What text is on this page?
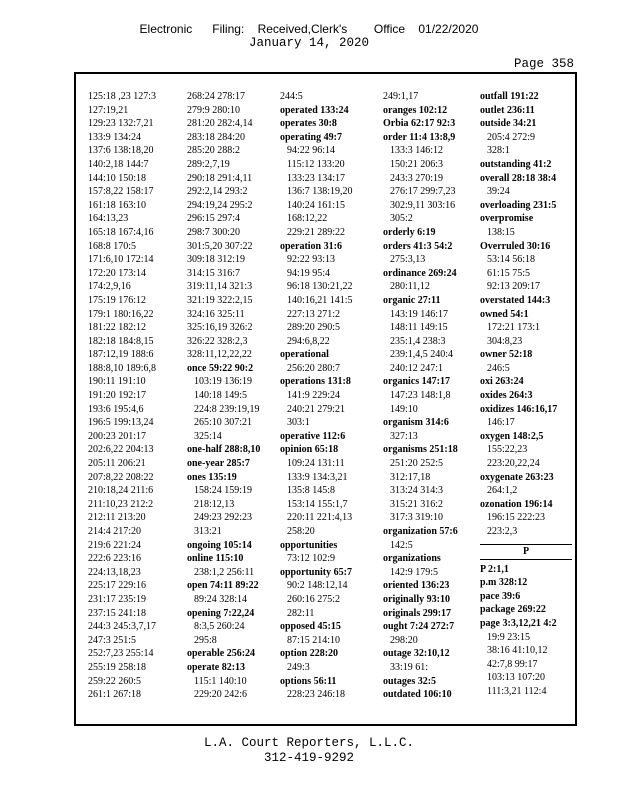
Electronic      Filing:    Received,Clerk's        Office    01/22/2020
January 14, 2020
Page 358
125:18 ,23 127:3
127:19,21
129:23 132:7,21
133:9 134:24
137:6 138:18,20
140:2,18 144:7
144:10 150:18
157:8,22 158:17
161:18 163:10
164:13,23
165:18 167:4,16
168:8 170:5
171:6,10 172:14
172:20 173:14
174:2,9,16
175:19 176:12
179:1 180:16,22
181:22 182:12
182:18 184:8,15
187:12,19 188:6
188:8,10 189:6,8
190:11 191:10
191:20 192:17
193:6 195:4,6
196:5 199:13,24
200:23 201:17
202:6,22 204:13
205:11 206:21
207:8,22 208:22
210:18,24 211:6
211:10,23 212:2
212:11 213:20
214:4 217:20
219:6 221:24
222:6 223:16
224:13,18,23
225:17 229:16
231:17 235:19
237:15 241:18
244:3 245:3,7,17
247:3 251:5
252:7,23 255:14
255:19 258:18
259:22 260:5
261:1 267:18
268:24 278:17
279:9 280:10
281:20 282:4,14
283:18 284:20
285:20 288:2
289:2,7,19
290:18 291:4,11
292:2,14 293:2
294:19,24 295:2
296:15 297:4
298:7 300:20
301:5,20 307:22
309:18 312:19
314:15 316:7
319:11,14 321:3
321:19 322:2,15
324:16 325:11
325:16,19 326:2
326:22 328:2,3
328:11,12,22,22
once 59:22 90:2
103:19 136:19
140:18 149:5
224:8 239:19,19
265:10 307:21
325:14
one-half 288:8,10
one-year 285:7
ones 135:19
158:24 159:19
218:12,13
249:23 292:23
313:21
ongoing 105:14
online 115:10
238:1,2 256:11
open 74:11 89:22
89:24 328:14
opening 7:22,24
8:3,5 260:24
295:8
operable 256:24
operate 82:13
115:1 140:10
229:20 242:6
244:5
operated 133:24
operates 30:8
operating 49:7
94:22 96:14
115:12 133:20
133:23 134:17
136:7 138:19,20
140:24 161:15
168:12,22
229:21 289:22
operation 31:6
92:22 93:13
94:19 95:4
96:18 130:21,22
140:16,21 141:5
227:13 271:2
289:20 290:5
294:6,8,22
operational
256:20 280:7
operations 131:8
141:9 229:24
240:21 279:21
303:1
operative 112:6
opinion 65:18
109:24 131:11
133:9 134:3,21
135:8 145:8
153:14 155:1,7
220:11 221:4,13
258:20
opportunities
73:12 102:9
opportunity 65:7
90:2 148:12,14
260:16 275:2
282:11
opposed 45:15
87:15 214:10
option 228:20
249:3
options 56:11
228:23 246:18
249:1,17
oranges 102:12
Orbia 62:17 92:3
order 11:4 13:8,9
133:3 146:12
150:21 206:3
243:3 270:19
276:17 299:7,23
302:9,11 303:16
305:2
orderly 6:19
orders 41:3 54:2
275:3,13
ordinance 269:24
280:11,12
organic 27:11
143:19 146:17
148:11 149:15
235:1,4 238:3
239:1,4,5 240:4
240:12 247:1
organics 147:17
147:23 148:1,8
149:10
organism 314:6
327:13
organisms 251:18
251:20 252:5
312:17,18
313:24 314:3
315:21 316:2
317:3 319:10
organization 57:6
142:5
organizations
142:9 179:5
oriented 136:23
originally 93:10
originals 299:17
ought 7:24 272:7
298:20
outage 32:10,12
33:19 61:
outages 32:5
outdated 106:10
outfall 191:22
outlet 236:11
outside 34:21
205:4 272:9
328:1
outstanding 41:2
overall 28:18 38:4
39:24
overloading 231:5
overpromise
138:15
Overruled 30:16
53:14 56:18
61:15 75:5
92:13 209:17
overstated 144:3
owned 54:1
172:21 173:1
304:8,23
owner 52:18
246:5
oxi 263:24
oxides 264:3
oxidizes 146:16,17
146:17
oxygen 148:2,5
155:22,23
223:20,22,24
oxygenate 263:23
264:1,2
ozonation 196:14
196:15 222:23
223:2,3
P
P 2:1,1
p.m 328:12
pace 39:6
package 269:22
page 3:3,12,21 4:2
19:9 23:15
38:16 41:10,12
42:7,8 99:17
103:13 107:20
111:3,21 112:4
L.A. Court Reporters, L.L.C.
312-419-9292
